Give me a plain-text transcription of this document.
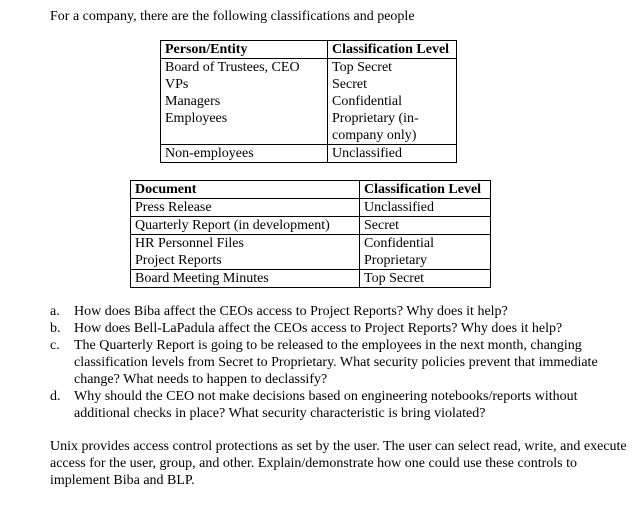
For a company, there are the following classifications and people
Person/Entity	Classification Level
Board of Trustees, CEO	Top Secret
VPs	Secret
Managers	Confidential
Employees	Proprietary (in-company only)
Non-employees	Unclassified
Document	Classification Level
Press Release	Unclassified
Quarterly Report (in development)	Secret
HR Personnel Files	Confidential
Project Reports	Proprietary
Board Meeting Minutes	Top Secret
a.	How does Biba affect the CEOs access to Project Reports? Why does it help?
b. How does Bell-LaPadula affect the CEOs access to Project Reports? Why does it help?
c.	The Quarterly Report is going to be released to the employees in the next month, changing classification levels from Secret to Proprietary. What security policies prevent that immediate change? What needs to happen to declassify?
d. Why should the CEO not make decisions based on engineering notebooks/reports without additional checks in place? What security characteristic is bring violated?
Unix provides access control protections as set by the user. The user can select read, write, and execute access for the user, group, and other. Explain/demonstrate how one could use these controls to implement Biba and BLP.
